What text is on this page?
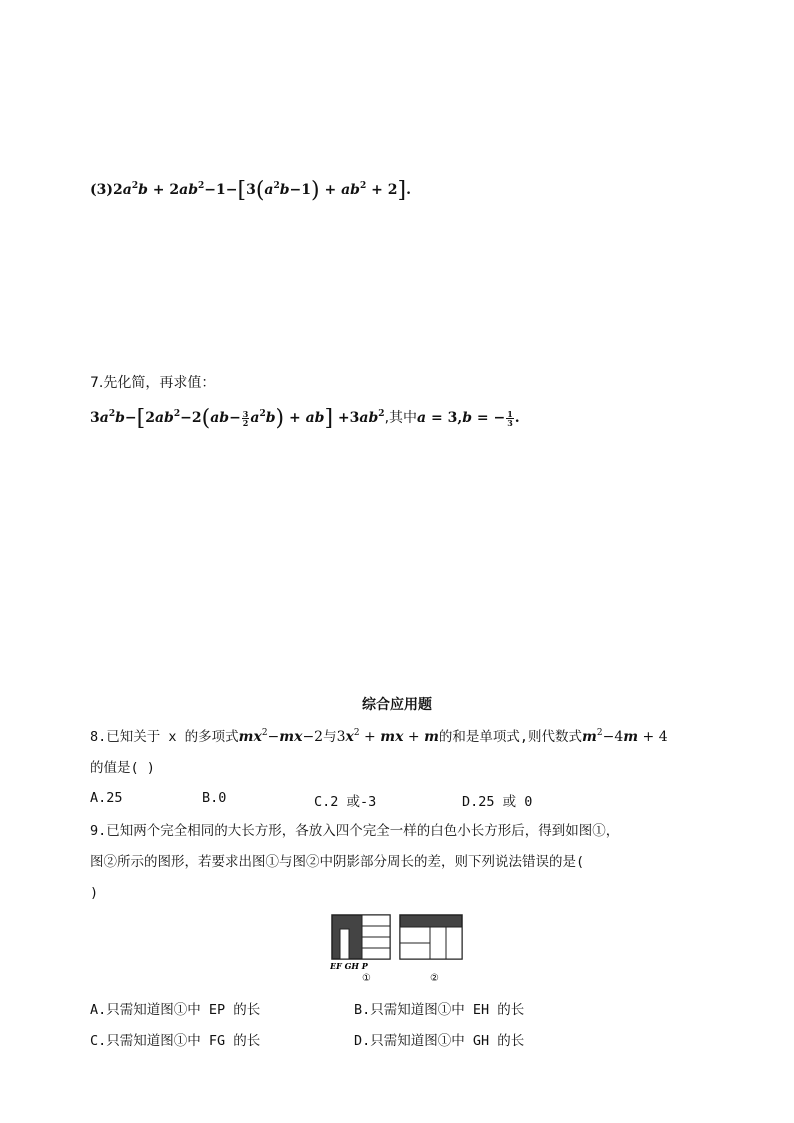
$(3)2a^2b + 2ab^2-1-[3(a^2b-1) + ab^2 + 2]$.
7.先化简，再求值：
$3a^2b-[2ab^2-2(ab- \frac{3}{2} a^2b) + ab] +3ab^2$,其中a = 3,b = − $\frac{1}{3}$ .
综合应用题
8.已知关于 x 的多项式$mx^2-mx-2$与$3x^2$ + mx + m的和是单项式,则代数式$m^2-4m + 4$
的值是( )
A.25	B.0	C.2 或-3	D.25 或 0
9.已知两个完全相同的大长方形，各放入四个完全一样的白色小长方形后，得到如图①，
图②所示的图形，若要求出图①与图②中阴影部分周长的差，则下列说法错误的是(
)
EF GH P
①	②
A.只需知道图①中 EP 的长	B.只需知道图①中 EH 的长
C.只需知道图①中 FG 的长	D.只需知道图①中 GH 的长
